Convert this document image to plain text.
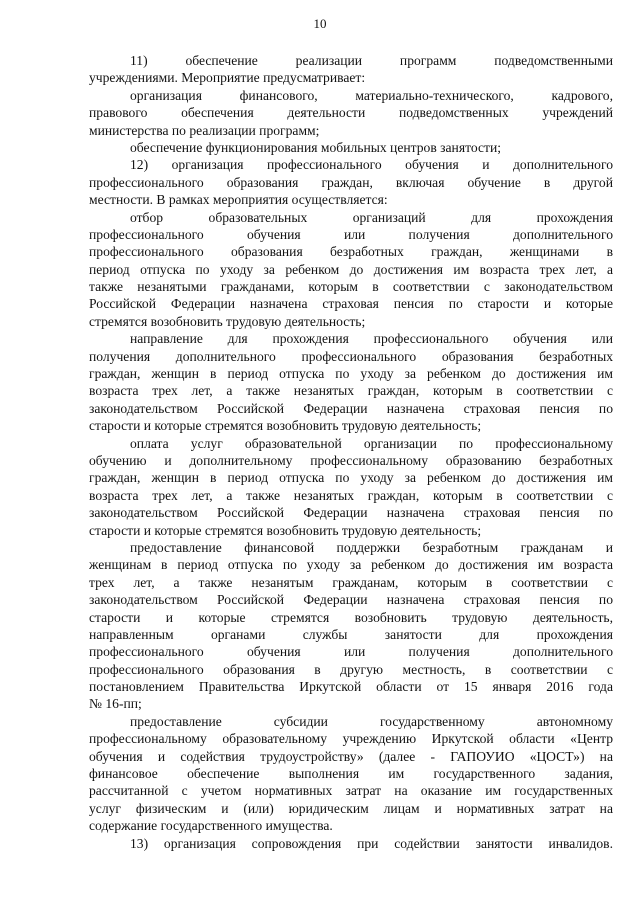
10
11) обеспечение реализации программ подведомственными
учреждениями. Мероприятие предусматривает:
организация финансового, материально-технического, кадрового,
правового обеспечения деятельности подведомственных учреждений
министерства по реализации программ;
обеспечение функционирования мобильных центров занятости;
12) организация профессионального обучения и дополнительного
профессионального образования граждан, включая обучение в другой
местности. В рамках мероприятия осуществляется:
отбор образовательных организаций для прохождения
профессионального обучения или получения дополнительного
профессионального образования безработных граждан, женщинами в
период отпуска по уходу за ребенком до достижения им возраста трех лет, а
также незанятыми гражданами, которым в соответствии с законодательством
Российской Федерации назначена страховая пенсия по старости и которые
стремятся возобновить трудовую деятельность;
направление для прохождения профессионального обучения или
получения дополнительного профессионального образования безработных
граждан, женщин в период отпуска по уходу за ребенком до достижения им
возраста трех лет, а также незанятых граждан, которым в соответствии с
законодательством Российской Федерации назначена страховая пенсия по
старости и которые стремятся возобновить трудовую деятельность;
оплата услуг образовательной организации по профессиональному
обучению и дополнительному профессиональному образованию безработных
граждан, женщин в период отпуска по уходу за ребенком до достижения им
возраста трех лет, а также незанятых граждан, которым в соответствии с
законодательством Российской Федерации назначена страховая пенсия по
старости и которые стремятся возобновить трудовую деятельность;
предоставление финансовой поддержки безработным гражданам и
женщинам в период отпуска по уходу за ребенком до достижения им возраста
трех лет, а также незанятым гражданам, которым в соответствии с
законодательством Российской Федерации назначена страховая пенсия по
старости и которые стремятся возобновить трудовую деятельность,
направленным органами службы занятости для прохождения
профессионального обучения или получения дополнительного
профессионального образования в другую местность, в соответствии с
постановлением Правительства Иркутской области от 15 января 2016 года
№ 16-пп;
предоставление субсидии государственному автономному
профессиональному образовательному учреждению Иркутской области «Центр
обучения и содействия трудоустройству» (далее - ГАПОУИО «ЦОСТ») на
финансовое обеспечение выполнения им государственного задания,
рассчитанной с учетом нормативных затрат на оказание им государственных
услуг физическим и (или) юридическим лицам и нормативных затрат на
содержание государственного имущества.
13) организация сопровождения при содействии занятости инвалидов.
